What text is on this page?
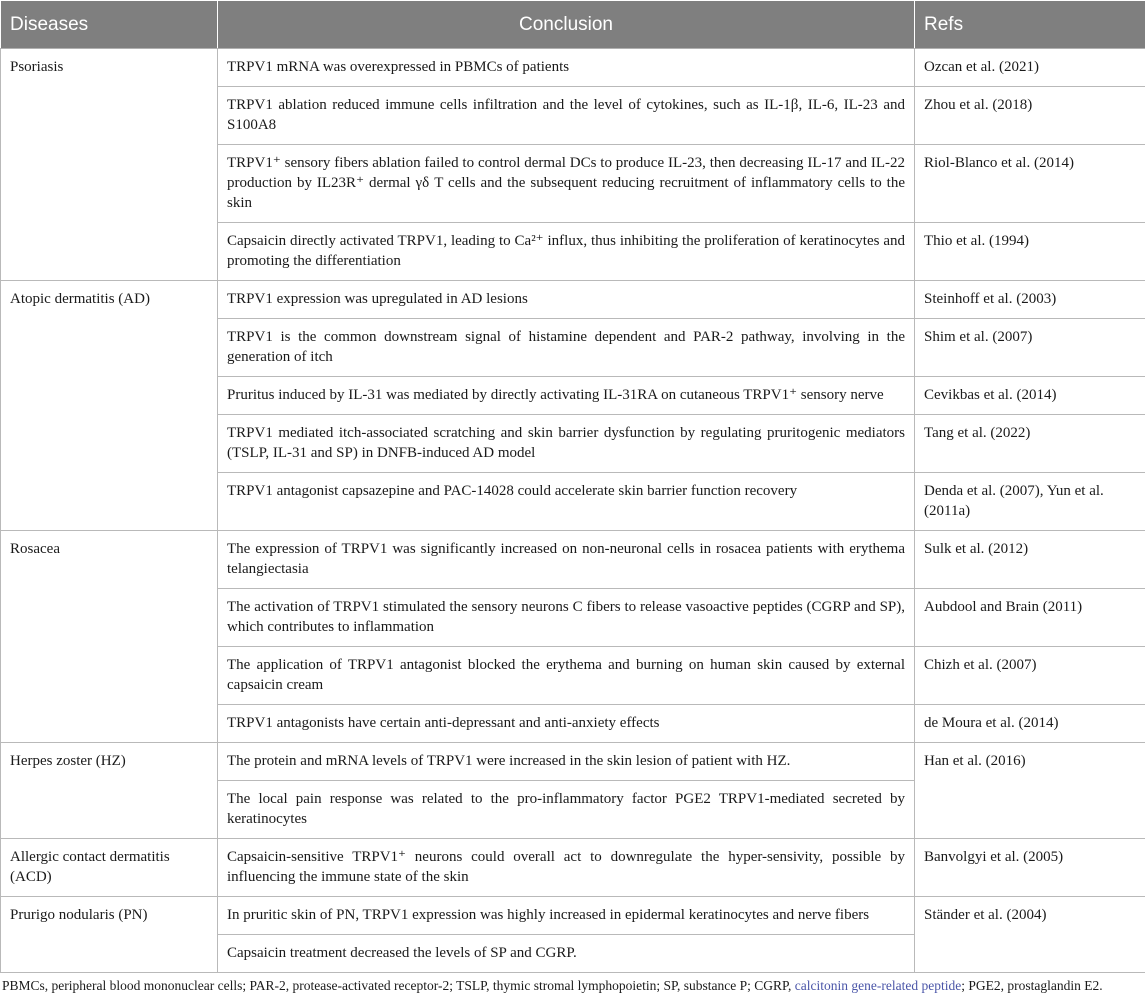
Diseases	Conclusion	Refs
Psoriasis	TRPV1 mRNA was overexpressed in PBMCs of patients	Ozcan et al. (2021)
	TRPV1 ablation reduced immune cells infiltration and the level of cytokines, such as IL-1β, IL-6, IL-23 and S100A8	Zhou et al. (2018)
	TRPV1⁺ sensory fibers ablation failed to control dermal DCs to produce IL-23, then decreasing IL-17 and IL-22 production by IL23R⁺ dermal γδ T cells and the subsequent reducing recruitment of inflammatory cells to the skin	Riol-Blanco et al. (2014)
	Capsaicin directly activated TRPV1, leading to Ca²⁺ influx, thus inhibiting the proliferation of keratinocytes and promoting the differentiation	Thio et al. (1994)
Atopic dermatitis (AD)	TRPV1 expression was upregulated in AD lesions	Steinhoff et al. (2003)
	TRPV1 is the common downstream signal of histamine dependent and PAR-2 pathway, involving in the generation of itch	Shim et al. (2007)
	Pruritus induced by IL-31 was mediated by directly activating IL-31RA on cutaneous TRPV1⁺ sensory nerve	Cevikbas et al. (2014)
	TRPV1 mediated itch-associated scratching and skin barrier dysfunction by regulating pruritogenic mediators (TSLP, IL-31 and SP) in DNFB-induced AD model	Tang et al. (2022)
	TRPV1 antagonist capsazepine and PAC-14028 could accelerate skin barrier function recovery	Denda et al. (2007), Yun et al. (2011a)
Rosacea	The expression of TRPV1 was significantly increased on non-neuronal cells in rosacea patients with erythema telangiectasia	Sulk et al. (2012)
	The activation of TRPV1 stimulated the sensory neurons C fibers to release vasoactive peptides (CGRP and SP), which contributes to inflammation	Aubdool and Brain (2011)
	The application of TRPV1 antagonist blocked the erythema and burning on human skin caused by external capsaicin cream	Chizh et al. (2007)
	TRPV1 antagonists have certain anti-depressant and anti-anxiety effects	de Moura et al. (2014)
Herpes zoster (HZ)	The protein and mRNA levels of TRPV1 were increased in the skin lesion of patient with HZ.	Han et al. (2016)
	The local pain response was related to the pro-inflammatory factor PGE2 TRPV1-mediated secreted by keratinocytes	
Allergic contact dermatitis (ACD)	Capsaicin-sensitive TRPV1⁺ neurons could overall act to downregulate the hyper-sensivity, possible by influencing the immune state of the skin	Banvolgyi et al. (2005)
Prurigo nodularis (PN)	In pruritic skin of PN, TRPV1 expression was highly increased in epidermal keratinocytes and nerve fibers	Ständer et al. (2004)
	Capsaicin treatment decreased the levels of SP and CGRP.	
PBMCs, peripheral blood mononuclear cells; PAR-2, protease-activated receptor-2; TSLP, thymic stromal lymphopoietin; SP, substance P; CGRP, calcitonin gene-related peptide; PGE2, prostaglandin E2.
